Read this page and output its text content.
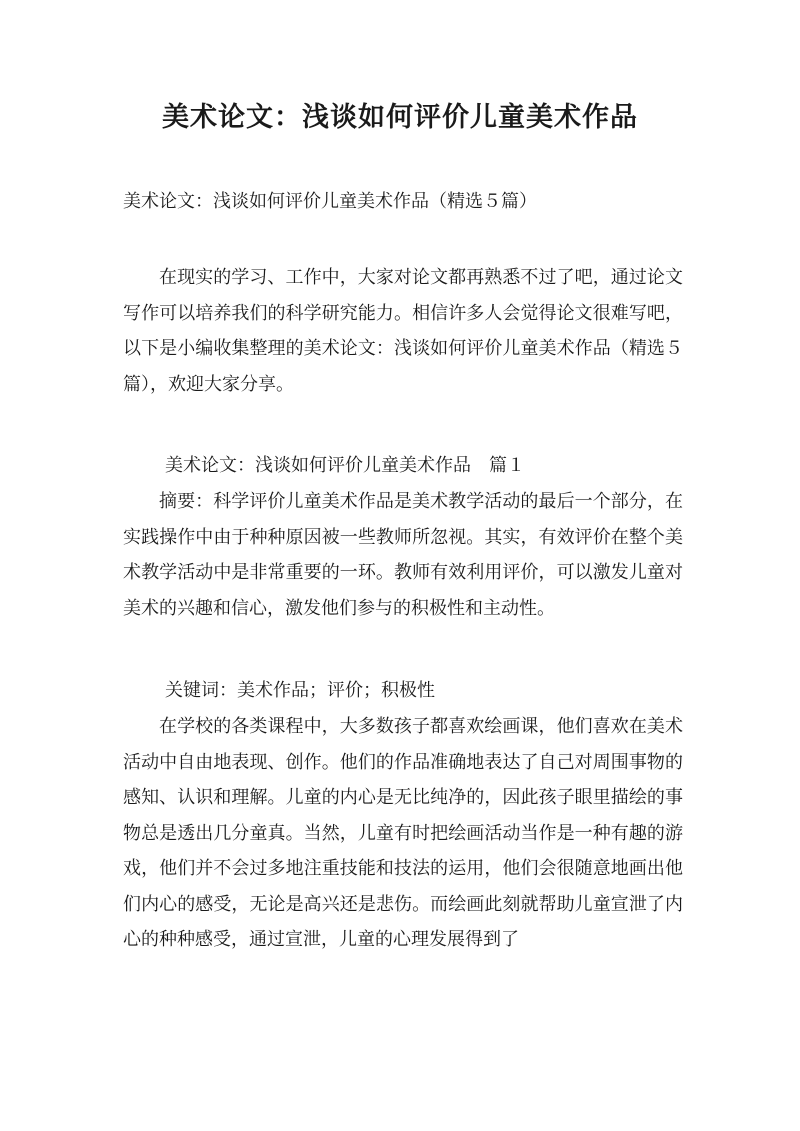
美术论文：浅谈如何评价儿童美术作品

美术论文：浅谈如何评价儿童美术作品（精选５篇）

在现实的学习、工作中，大家对论文都再熟悉不过了吧，通过论文写作可以培养我们的科学研究能力。相信许多人会觉得论文很难写吧，以下是小编收集整理的美术论文：浅谈如何评价儿童美术作品（精选５篇），欢迎大家分享。

美术论文：浅谈如何评价儿童美术作品　篇１

摘要：科学评价儿童美术作品是美术教学活动的最后一个部分，在实践操作中由于种种原因被一些教师所忽视。其实，有效评价在整个美术教学活动中是非常重要的一环。教师有效利用评价，可以激发儿童对美术的兴趣和信心，激发他们参与的积极性和主动性。

关键词：美术作品；评价；积极性

在学校的各类课程中，大多数孩子都喜欢绘画课，他们喜欢在美术活动中自由地表现、创作。他们的作品准确地表达了自己对周围事物的感知、认识和理解。儿童的内心是无比纯净的，因此孩子眼里描绘的事物总是透出几分童真。当然，儿童有时把绘画活动当作是一种有趣的游戏，他们并不会过多地注重技能和技法的运用，他们会很随意地画出他们内心的感受，无论是高兴还是悲伤。而绘画此刻就帮助儿童宣泄了内心的种种感受，通过宣泄，儿童的心理发展得到了
